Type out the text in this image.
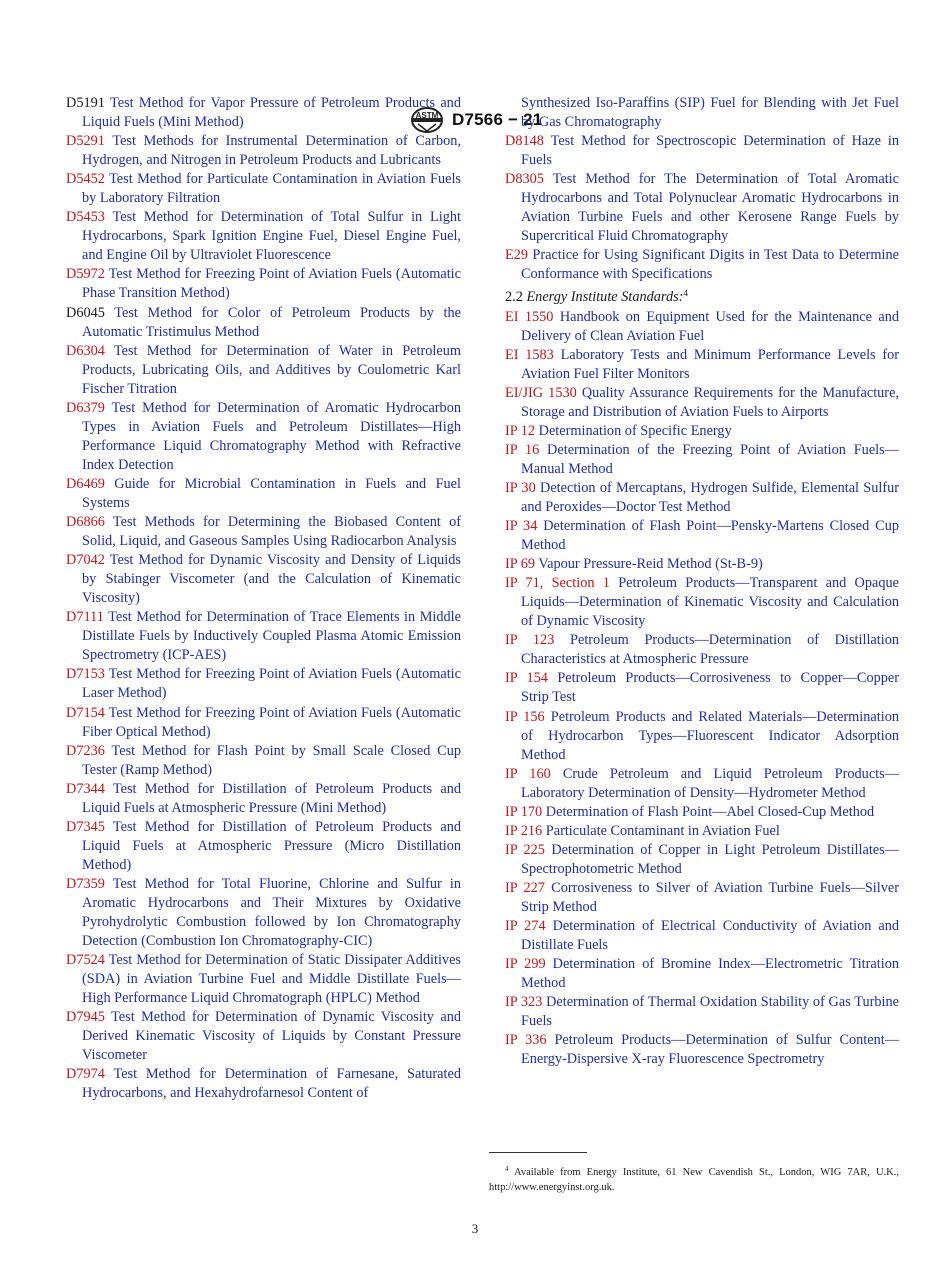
ASTM D7566 − 21

D5191 Test Method for Vapor Pressure of Petroleum Products and Liquid Fuels (Mini Method)

D5291 Test Methods for Instrumental Determination of Carbon, Hydrogen, and Nitrogen in Petroleum Products and Lubricants

D5452 Test Method for Particulate Contamination in Aviation Fuels by Laboratory Filtration

D5453 Test Method for Determination of Total Sulfur in Light Hydrocarbons, Spark Ignition Engine Fuel, Diesel Engine Fuel, and Engine Oil by Ultraviolet Fluorescence

D5972 Test Method for Freezing Point of Aviation Fuels (Automatic Phase Transition Method)

D6045 Test Method for Color of Petroleum Products by the Automatic Tristimulus Method

D6304 Test Method for Determination of Water in Petroleum Products, Lubricating Oils, and Additives by Coulometric Karl Fischer Titration

D6379 Test Method for Determination of Aromatic Hydrocarbon Types in Aviation Fuels and Petroleum Distillates—High Performance Liquid Chromatography Method with Refractive Index Detection

D6469 Guide for Microbial Contamination in Fuels and Fuel Systems

D6866 Test Methods for Determining the Biobased Content of Solid, Liquid, and Gaseous Samples Using Radiocarbon Analysis

D7042 Test Method for Dynamic Viscosity and Density of Liquids by Stabinger Viscometer (and the Calculation of Kinematic Viscosity)

D7111 Test Method for Determination of Trace Elements in Middle Distillate Fuels by Inductively Coupled Plasma Atomic Emission Spectrometry (ICP-AES)

D7153 Test Method for Freezing Point of Aviation Fuels (Automatic Laser Method)

D7154 Test Method for Freezing Point of Aviation Fuels (Automatic Fiber Optical Method)

D7236 Test Method for Flash Point by Small Scale Closed Cup Tester (Ramp Method)

D7344 Test Method for Distillation of Petroleum Products and Liquid Fuels at Atmospheric Pressure (Mini Method)

D7345 Test Method for Distillation of Petroleum Products and Liquid Fuels at Atmospheric Pressure (Micro Distillation Method)

D7359 Test Method for Total Fluorine, Chlorine and Sulfur in Aromatic Hydrocarbons and Their Mixtures by Oxidative Pyrohydrolytic Combustion followed by Ion Chromatography Detection (Combustion Ion Chromatography-CIC)

D7524 Test Method for Determination of Static Dissipater Additives (SDA) in Aviation Turbine Fuel and Middle Distillate Fuels—High Performance Liquid Chromatograph (HPLC) Method

D7945 Test Method for Determination of Dynamic Viscosity and Derived Kinematic Viscosity of Liquids by Constant Pressure Viscometer

D7974 Test Method for Determination of Farnesane, Saturated Hydrocarbons, and Hexahydrofarnesol Content of

Synthesized Iso-Paraffins (SIP) Fuel for Blending with Jet Fuel by Gas Chromatography

D8148 Test Method for Spectroscopic Determination of Haze in Fuels

D8305 Test Method for The Determination of Total Aromatic Hydrocarbons and Total Polynuclear Aromatic Hydrocarbons in Aviation Turbine Fuels and other Kerosene Range Fuels by Supercritical Fluid Chromatography

E29 Practice for Using Significant Digits in Test Data to Determine Conformance with Specifications

2.2 Energy Institute Standards:$^4$

EI 1550 Handbook on Equipment Used for the Maintenance and Delivery of Clean Aviation Fuel

EI 1583 Laboratory Tests and Minimum Performance Levels for Aviation Fuel Filter Monitors

EI/JIG 1530 Quality Assurance Requirements for the Manufacture, Storage and Distribution of Aviation Fuels to Airports

IP 12 Determination of Specific Energy

IP 16 Determination of the Freezing Point of Aviation Fuels—Manual Method

IP 30 Detection of Mercaptans, Hydrogen Sulfide, Elemental Sulfur and Peroxides—Doctor Test Method

IP 34 Determination of Flash Point—Pensky-Martens Closed Cup Method

IP 69 Vapour Pressure-Reid Method (St-B-9)

IP 71, Section 1 Petroleum Products—Transparent and Opaque Liquids—Determination of Kinematic Viscosity and Calculation of Dynamic Viscosity

IP 123 Petroleum Products—Determination of Distillation Characteristics at Atmospheric Pressure

IP 154 Petroleum Products—Corrosiveness to Copper—Copper Strip Test

IP 156 Petroleum Products and Related Materials—Determination of Hydrocarbon Types—Fluorescent Indicator Adsorption Method

IP 160 Crude Petroleum and Liquid Petroleum Products—Laboratory Determination of Density—Hydrometer Method

IP 170 Determination of Flash Point—Abel Closed-Cup Method

IP 216 Particulate Contaminant in Aviation Fuel

IP 225 Determination of Copper in Light Petroleum Distillates—Spectrophotometric Method

IP 227 Corrosiveness to Silver of Aviation Turbine Fuels—Silver Strip Method

IP 274 Determination of Electrical Conductivity of Aviation and Distillate Fuels

IP 299 Determination of Bromine Index—Electrometric Titration Method

IP 323 Determination of Thermal Oxidation Stability of Gas Turbine Fuels

IP 336 Petroleum Products—Determination of Sulfur Content—Energy-Dispersive X-ray Fluorescence Spectrometry

$^4$ Available from Energy Institute, 61 New Cavendish St., London, WIG 7AR, U.K., http://www.energyinst.org.uk.
3
